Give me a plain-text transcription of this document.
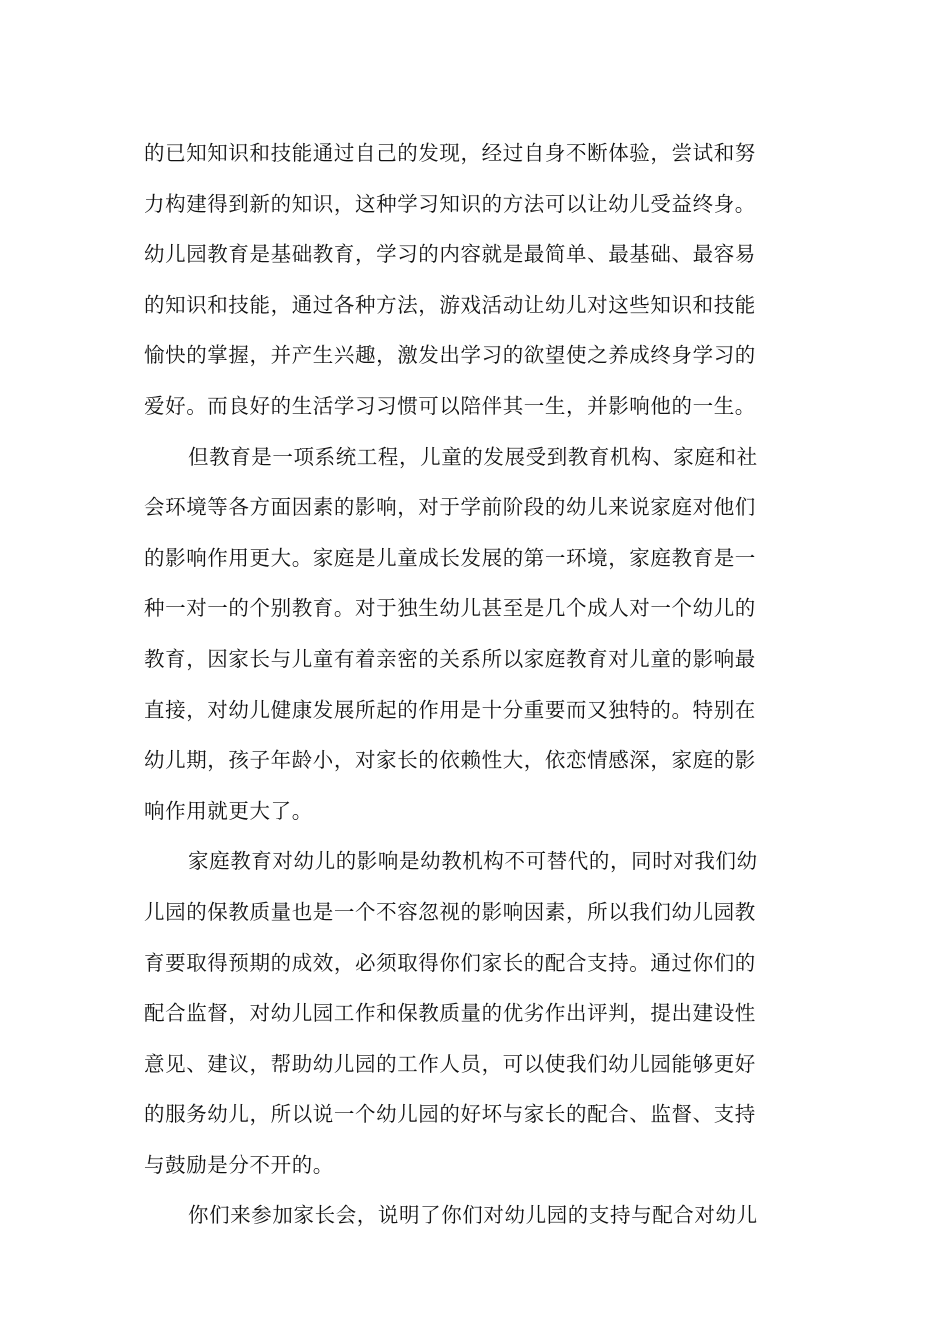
的已知知识和技能通过自己的发现，经过自身不断体验，尝试和努
力构建得到新的知识，这种学习知识的方法可以让幼儿受益终身。
幼儿园教育是基础教育，学习的内容就是最简单、最基础、最容易
的知识和技能，通过各种方法，游戏活动让幼儿对这些知识和技能
愉快的掌握，并产生兴趣，激发出学习的欲望使之养成终身学习的
爱好。而良好的生活学习习惯可以陪伴其一生，并影响他的一生。
但教育是一项系统工程，儿童的发展受到教育机构、家庭和社
会环境等各方面因素的影响，对于学前阶段的幼儿来说家庭对他们
的影响作用更大。家庭是儿童成长发展的第一环境，家庭教育是一
种一对一的个别教育。对于独生幼儿甚至是几个成人对一个幼儿的
教育，因家长与儿童有着亲密的关系所以家庭教育对儿童的影响最
直接，对幼儿健康发展所起的作用是十分重要而又独特的。特别在
幼儿期，孩子年龄小，对家长的依赖性大，依恋情感深，家庭的影
响作用就更大了。
家庭教育对幼儿的影响是幼教机构不可替代的，同时对我们幼
儿园的保教质量也是一个不容忽视的影响因素，所以我们幼儿园教
育要取得预期的成效，必须取得你们家长的配合支持。通过你们的
配合监督，对幼儿园工作和保教质量的优劣作出评判，提出建设性
意见、建议，帮助幼儿园的工作人员，可以使我们幼儿园能够更好
的服务幼儿，所以说一个幼儿园的好坏与家长的配合、监督、支持
与鼓励是分不开的。
你们来参加家长会，说明了你们对幼儿园的支持与配合对幼儿
